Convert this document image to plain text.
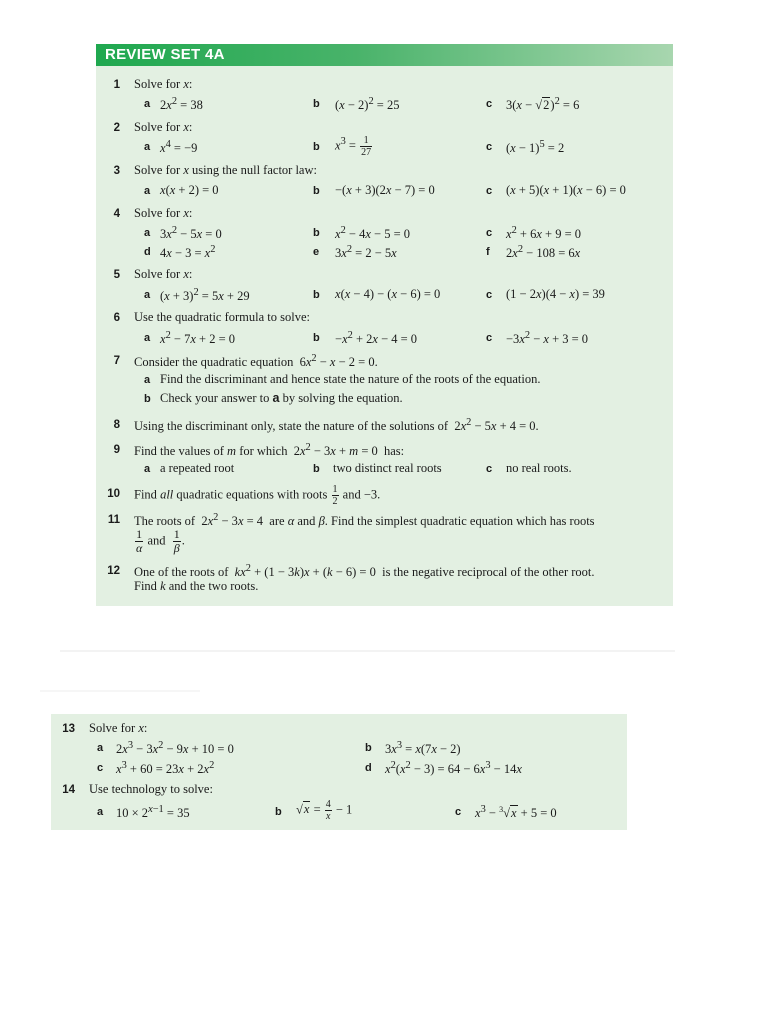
REVIEW SET 4A
1 Solve for x:
a $2x^2 = 38$	b $(x - 2)^2 = 25$	c $3(x - √2)^2 = 6$
2 Solve for x:
a $x^4 = -9$	b $x^3 = \frac{1}{27}$	c $(x - 1)^5 = 2$
3 Solve for x using the null factor law:
a x(x + 2) = 0	b −(x + 3)(2x − 7) = 0	c (x + 5)(x + 1)(x − 6) = 0
4 Solve for x:
a $3x^2 - 5x = 0$	b $x^2 - 4x - 5 = 0$	c $x^2 + 6x + 9 = 0$
d $4x - 3 = x^2$	e $3x^2 = 2 - 5x$	f $2x^2 - 108 = 6x$
5 Solve for x:
a $(x + 3)^2 = 5x + 29$	b x(x − 4) − (x − 6) = 0	c (1 − 2x)(4 − x) = 39
6 Use the quadratic formula to solve:
a $x^2 - 7x + 2 = 0$	$b -x^2 + 2x - 4 = 0$	$c -3x^2 - x + 3 = 0$
7 Consider the quadratic equation  $6x^2 - x - 2 = 0$.
a Find the discriminant and hence state the nature of the roots of the equation.
b Check your answer to a by solving the equation.
8 Using the discriminant only, state the nature of the solutions of  $2x^2 - 5x + 4 = 0$.
9 Find the values of m for which  $2x^2 - 3x + m = 0$  has:
a a repeated root	b two distinct real roots	c no real roots.
10 Find all quadratic equations with roots $\frac{1}{2}$ and −3.
11 The roots of  $2x^2 - 3x = 4$  are α and β. Find the simplest quadratic equation which has roots
$\frac{1}{\alpha}$ and $\frac{1}{\beta}$ .
12 One of the roots of  $kx^2 + (1 - 3k)x + (k - 6) = 0$  is the negative reciprocal of the other root.
Find k and the two roots.
13 Solve for x:
a $2x^3 - 3x^2 - 9x + 10 = 0$	b $3x^3 = x(7x - 2)$
c $x^3 + 60 = 23x + 2x^2$	d $x^2(x^2 - 3) = 64 - 6x^3 - 14x$
14 Use technology to solve:
a $10 \times 2^{x-1} = 35$	b $√x = \frac{4}{x} - 1$	c $x^3 - ^3√x + 5 = 0$
